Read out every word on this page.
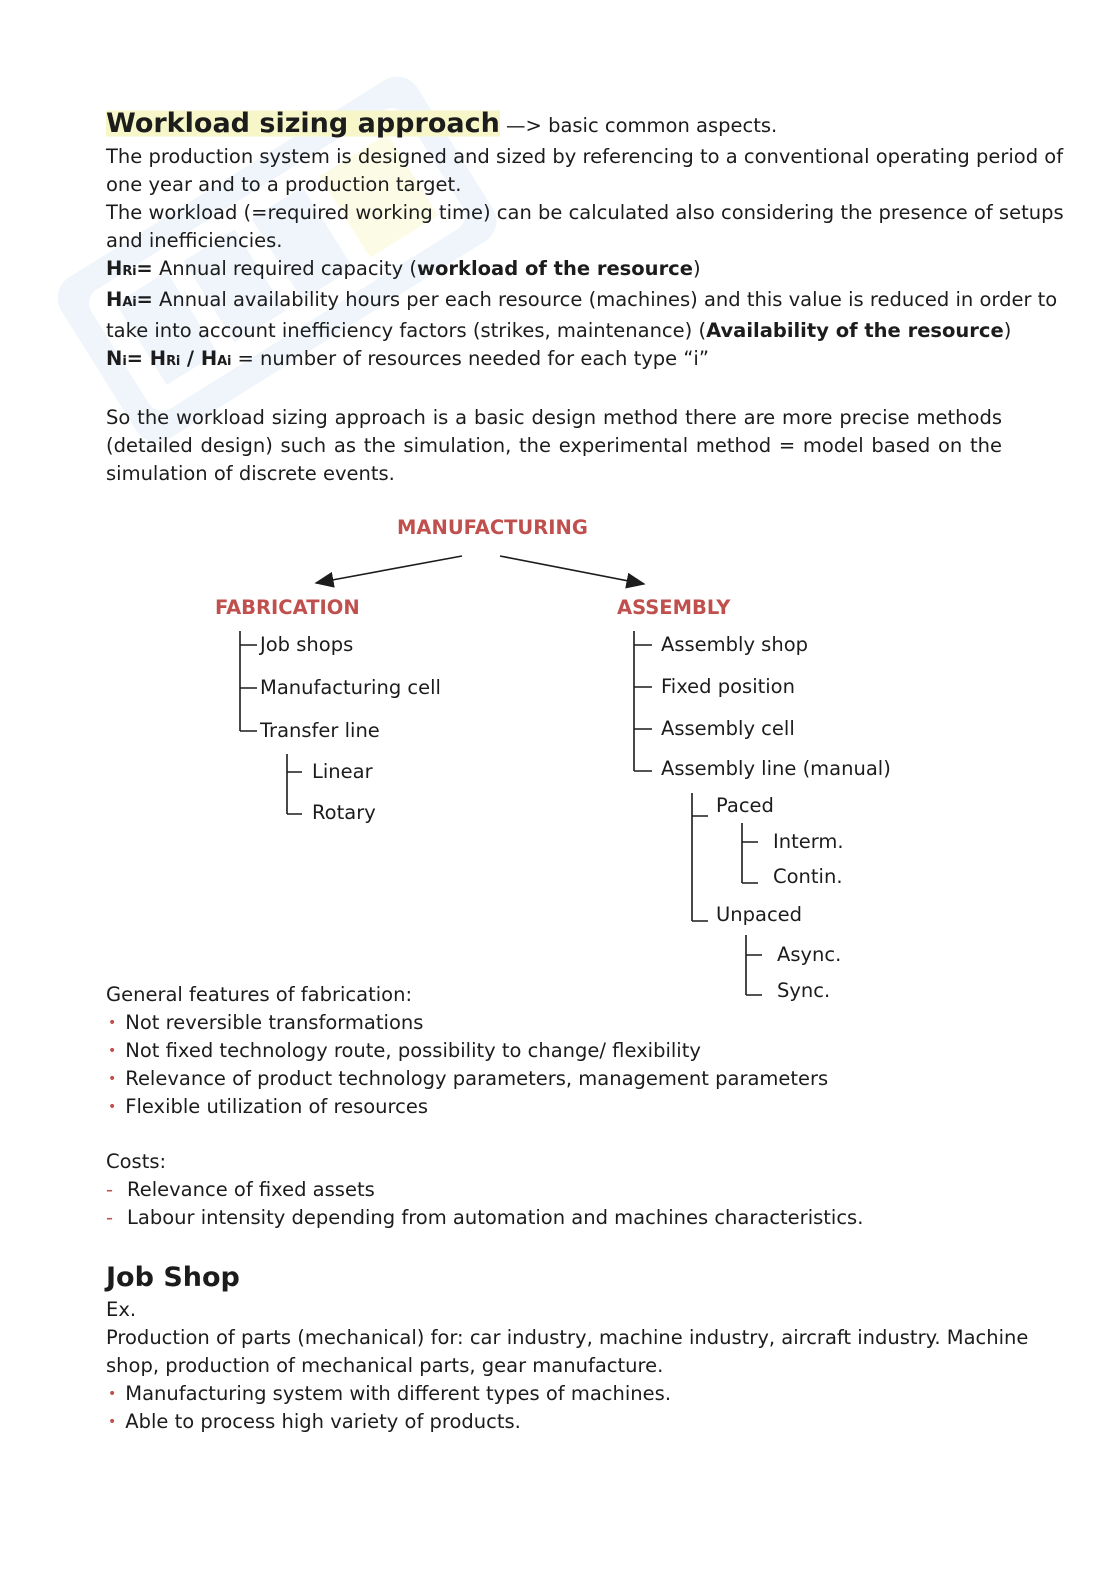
Workload sizing approach —> basic common aspects.
The production system is designed and sized by referencing to a conventional operating period of
one year and to a production target.
The workload (=required working time) can be calculated also considering the presence of setups
and inefficiencies.
HRi= Annual required capacity (workload of the resource)
HAi= Annual availability hours per each resource (machines) and this value is reduced in order to
take into account inefficiency factors (strikes, maintenance) (Availability of the resource)
Ni= HRi / HAi = number of resources needed for each type “i”
So the workload sizing approach is a basic design method there are more precise methods
(detailed design) such as the simulation, the experimental method = model based on the
simulation of discrete events.
MANUFACTURING
FABRICATION	ASSEMBLY
Job shops
Manufacturing cell
Transfer line
Linear
Rotary
Assembly shop
Fixed position
Assembly cell
Assembly line (manual)
Paced
Interm.
Contin.
Unpaced
Async.
Sync.
General features of fabrication:
• Not reversible transformations
• Not fixed technology route, possibility to change/ flexibility
• Relevance of product technology parameters, management parameters
• Flexible utilization of resources
Costs:
- Relevance of fixed assets
- Labour intensity depending from automation and machines characteristics.
Job Shop
Ex.
Production of parts (mechanical) for: car industry, machine industry, aircraft industry. Machine
shop, production of mechanical parts, gear manufacture.
• Manufacturing system with different types of machines.
• Able to process high variety of products.
